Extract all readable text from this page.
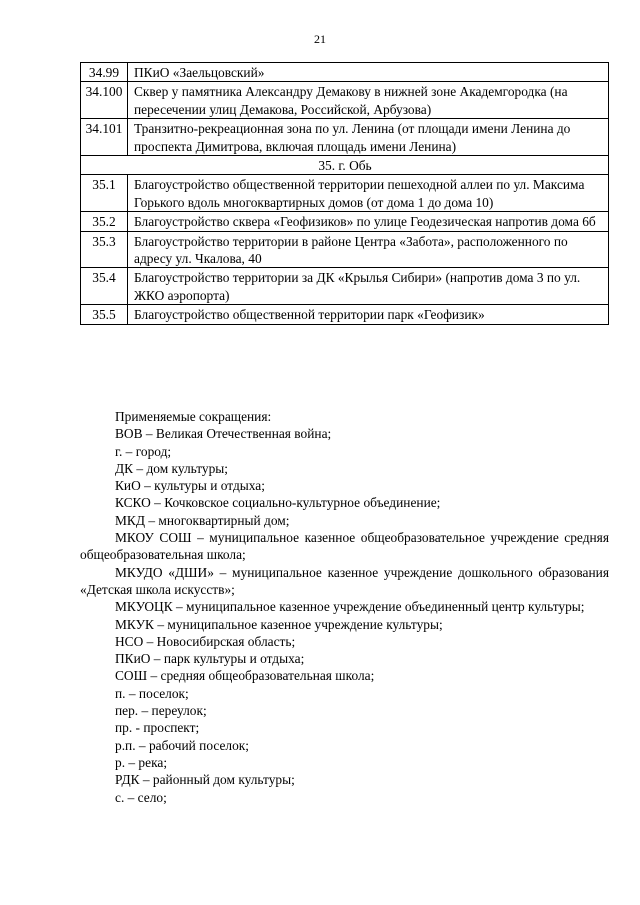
21
34.99	ПКиО «Заельцовский»
34.100	Сквер у памятника Александру Демакову в нижней зоне Академгородка (на пересечении улиц Демакова, Российской, Арбузова)
34.101	Транзитно-рекреационная зона по ул. Ленина (от площади имени Ленина до проспекта Димитрова, включая площадь имени Ленина)
35. г. Обь	
35.1	Благоустройство общественной территории пешеходной аллеи по ул. Максима Горького вдоль многоквартирных домов (от дома 1 до дома 10)
35.2	Благоустройство сквера «Геофизиков» по улице Геодезическая напротив дома 6б
35.3	Благоустройство территории в районе Центра «Забота», расположенного по адресу ул. Чкалова, 40
35.4	Благоустройство территории за ДК «Крылья Сибири» (напротив дома 3 по ул. ЖКО аэропорта)
35.5	Благоустройство общественной территории парк «Геофизик»

Применяемые сокращения:

ВОВ – Великая Отечественная война;

г. – город;

ДК – дом культуры;

КиО – культуры и отдыха;

КСКО – Кочковское социально-культурное объединение;

МКД – многоквартирный дом;

МКОУ СОШ – муниципальное казенное общеобразовательное учреждение средняя общеобразовательная школа;

МКУДО «ДШИ» – муниципальное казенное учреждение дошкольного образования «Детская школа искусств»;

МКУОЦК – муниципальное казенное учреждение объединенный центр культуры;

МКУК – муниципальное казенное учреждение культуры;

НСО – Новосибирская область;

ПКиО – парк культуры и отдыха;

СОШ – средняя общеобразовательная школа;

п. – поселок;

пер. – переулок;

пр. - проспект;

р.п. – рабочий поселок;

р. – река;

РДК – районный дом культуры;

с. – село;
